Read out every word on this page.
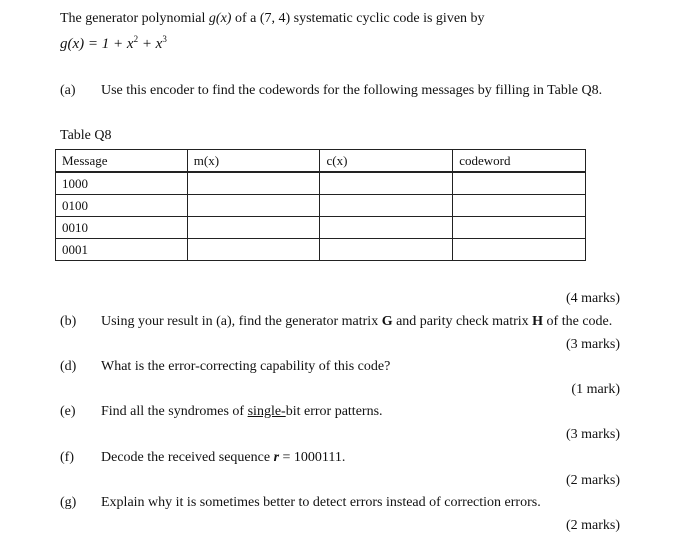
The generator polynomial g(x) of a (7, 4) systematic cyclic code is given by
$g(x) = 1 + x^2 + x^3$
(a) Use this encoder to find the codewords for the following messages by filling in Table Q8.
Table Q8
Message	m(x)	c(x)	codeword
1000			
0100			
0010			
0001			
(4 marks)
(b) Using your result in (a), find the generator matrix G and parity check matrix H of the code.
(3 marks)
(d) What is the error-correcting capability of this code?
(1 mark)
(e) Find all the syndromes of single-bit error patterns.
(3 marks)
(f) Decode the received sequence r = 1000111.
(2 marks)
(g) Explain why it is sometimes better to detect errors instead of correction errors.
(2 marks)
